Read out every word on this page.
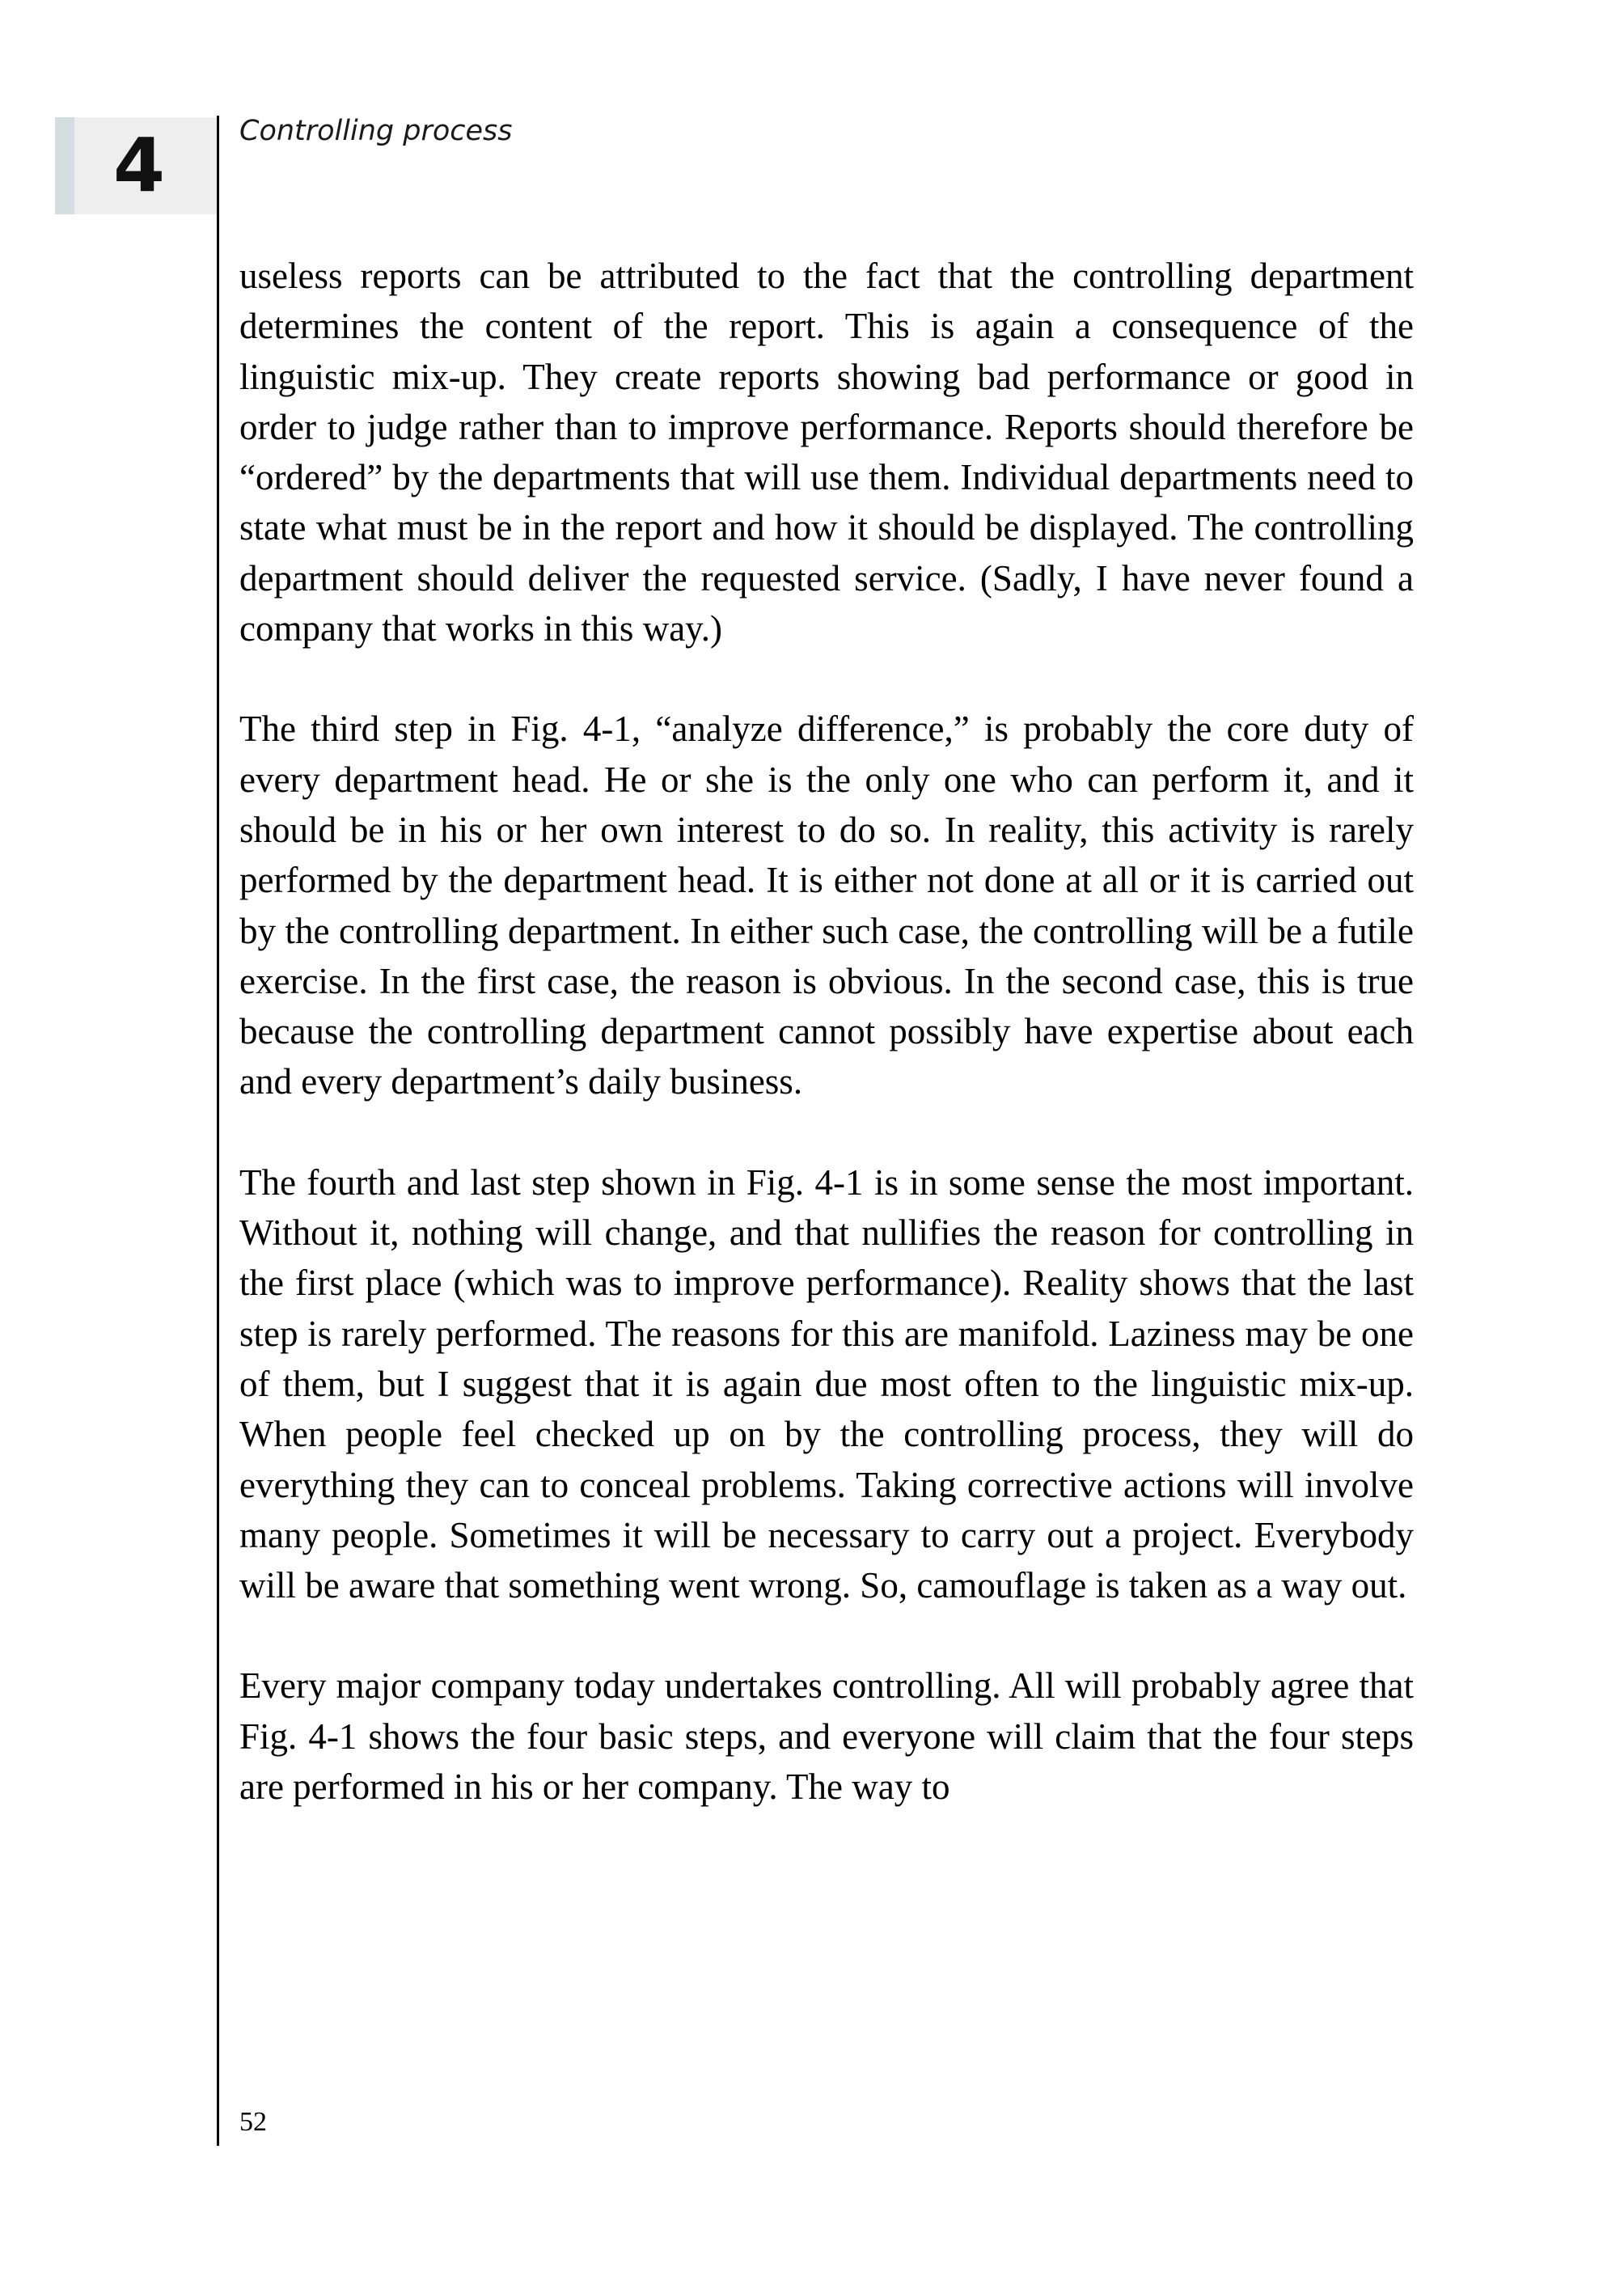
4	Controlling process

useless reports can be attributed to the fact that the controlling department determines the content of the report. This is again a consequence of the linguistic mix-up. They create reports showing bad performance or good in order to judge rather than to improve performance. Reports should therefore be “ordered” by the departments that will use them. Individual departments need to state what must be in the report and how it should be displayed. The controlling department should deliver the requested service. (Sadly, I have never found a company that works in this way.)

The third step in Fig. 4-1, “analyze difference,” is probably the core duty of every department head. He or she is the only one who can perform it, and it should be in his or her own interest to do so. In reality, this activity is rarely performed by the department head. It is either not done at all or it is carried out by the controlling department. In either such case, the controlling will be a futile exercise. In the first case, the reason is obvious. In the second case, this is true because the controlling department cannot possibly have expertise about each and every department’s daily business.

The fourth and last step shown in Fig. 4-1 is in some sense the most important. Without it, nothing will change, and that nullifies the reason for controlling in the first place (which was to improve performance). Reality shows that the last step is rarely performed. The reasons for this are manifold. Laziness may be one of them, but I suggest that it is again due most often to the linguistic mix-up. When people feel checked up on by the controlling process, they will do everything they can to conceal problems. Taking corrective actions will involve many people. Sometimes it will be necessary to carry out a project. Everybody will be aware that something went wrong. So, camouflage is taken as a way out.

Every major company today undertakes controlling. All will probably agree that Fig. 4-1 shows the four basic steps, and everyone will claim that the four steps are performed in his or her company. The way to

52
